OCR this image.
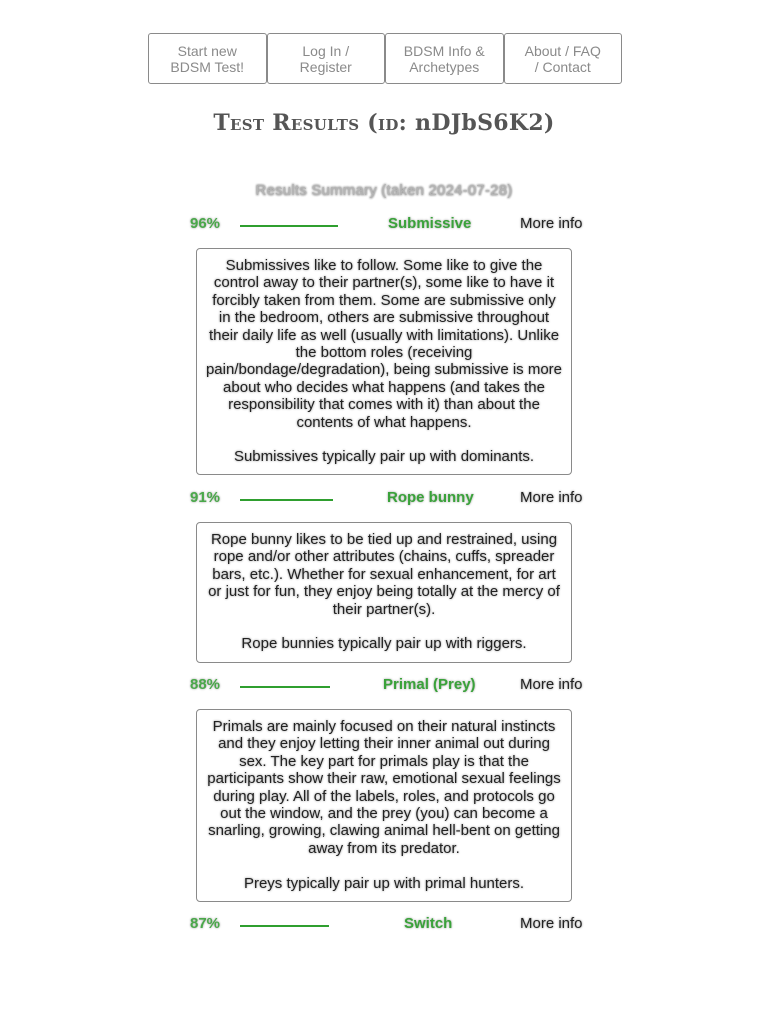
Start new
BDSM Test!
Log In /
Register
BDSM Info &
Archetypes
About / FAQ
/ Contact
Test Results (id: nDJbS6K2)
Results Summary (taken 2024-07-28)
96%	Submissive	More info

Submissives like to follow. Some like to give the control away to their partner(s), some like to have it forcibly taken from them. Some are submissive only in the bedroom, others are submissive throughout their daily life as well (usually with limitations). Unlike the bottom roles (receiving pain/bondage/degradation), being submissive is more about who decides what happens (and takes the responsibility that comes with it) than about the contents of what happens.

Submissives typically pair up with dominants.

91%	Rope bunny	More info

Rope bunny likes to be tied up and restrained, using rope and/or other attributes (chains, cuffs, spreader bars, etc.). Whether for sexual enhancement, for art or just for fun, they enjoy being totally at the mercy of their partner(s).

Rope bunnies typically pair up with riggers.

88%	Primal (Prey)	More info

Primals are mainly focused on their natural instincts and they enjoy letting their inner animal out during sex. The key part for primals play is that the participants show their raw, emotional sexual feelings during play. All of the labels, roles, and protocols go out the window, and the prey (you) can become a snarling, growing, clawing animal hell-bent on getting away from its predator.

Preys typically pair up with primal hunters.

87%	Switch	More info
